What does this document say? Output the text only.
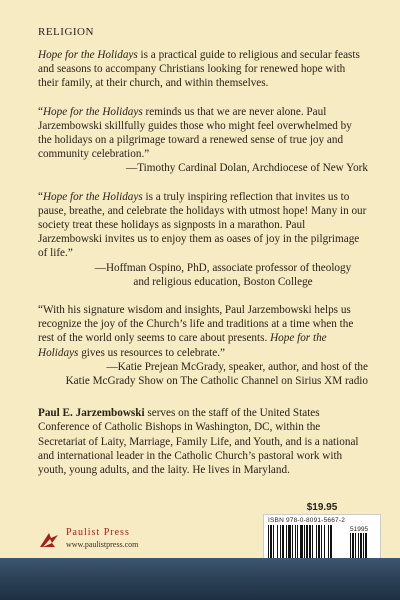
RELIGION

Hope for the Holidays is a practical guide to religious and secular feasts and seasons to accompany Christians looking for renewed hope with their family, at their church, and within themselves.

“Hope for the Holidays reminds us that we are never alone. Paul Jarzembowski skillfully guides those who might feel overwhelmed by the holidays on a pilgrimage toward a renewed sense of true joy and community celebration.”

—Timothy Cardinal Dolan, Archdiocese of New York

“Hope for the Holidays is a truly inspiring reflection that invites us to pause, breathe, and celebrate the holidays with utmost hope! Many in our society treat these holidays as signposts in a marathon. Paul Jarzembowski invites us to enjoy them as oases of joy in the pilgrimage of life.”

—Hoffman Ospino, PhD, associate professor of theology
and religious education, Boston College

“With his signature wisdom and insights, Paul Jarzembowski helps us recognize the joy of the Church’s life and traditions at a time when the rest of the world only seems to care about presents. Hope for the Holidays gives us resources to celebrate.”

—Katie Prejean McGrady, speaker, author, and host of the
Katie McGrady Show on The Catholic Channel on Sirius XM radio

Paul E. Jarzembowski serves on the staff of the United States Conference of Catholic Bishops in Washington, DC, within the Secretariat of Laity, Marriage, Family Life, and Youth, and is a national and international leader in the Catholic Church’s pastoral work with youth, young adults, and the laity. He lives in Maryland.

Paulist Press
www.paulistpress.com
$19.95
ISBN 978-0-8091-5667-2
51995
